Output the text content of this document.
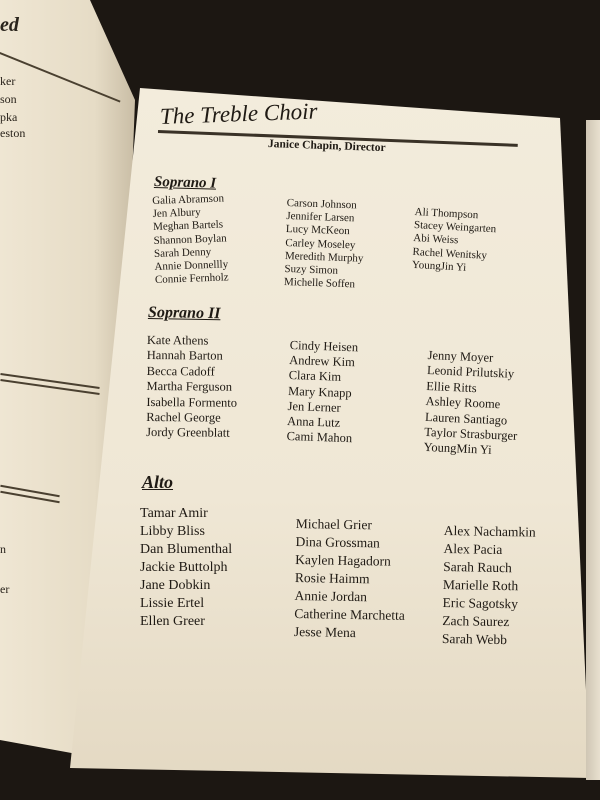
ed
ker
son
pka
eston
n
er
The Treble Choir
Janice Chapin, Director
Soprano I
Galia Abramson
Jen Albury
Meghan Bartels
Shannon Boylan
Sarah Denny
Annie Donnellly
Connie Fernholz
Carson Johnson
Jennifer Larsen
Lucy McKeon
Carley Moseley
Meredith Murphy
Suzy Simon
Michelle Soffen
Ali Thompson
Stacey Weingarten
Abi Weiss
Rachel Wenitsky
YoungJin Yi
Soprano II
Kate Athens
Hannah Barton
Becca Cadoff
Martha Ferguson
Isabella Formento
Rachel George
Jordy Greenblatt
Cindy Heisen
Andrew Kim
Clara Kim
Mary Knapp
Jen Lerner
Anna Lutz
Cami Mahon
Jenny Moyer
Leonid Prilutskiy
Ellie Ritts
Ashley Roome
Lauren Santiago
Taylor Strasburger
YoungMin Yi
Alto
Tamar Amir
Libby Bliss
Dan Blumenthal
Jackie Buttolph
Jane Dobkin
Lissie Ertel
Ellen Greer
Michael Grier
Dina Grossman
Kaylen Hagadorn
Rosie Haimm
Annie Jordan
Catherine Marchetta
Jesse Mena
Alex Nachamkin
Alex Pacia
Sarah Rauch
Marielle Roth
Eric Sagotsky
Zach Saurez
Sarah Webb
